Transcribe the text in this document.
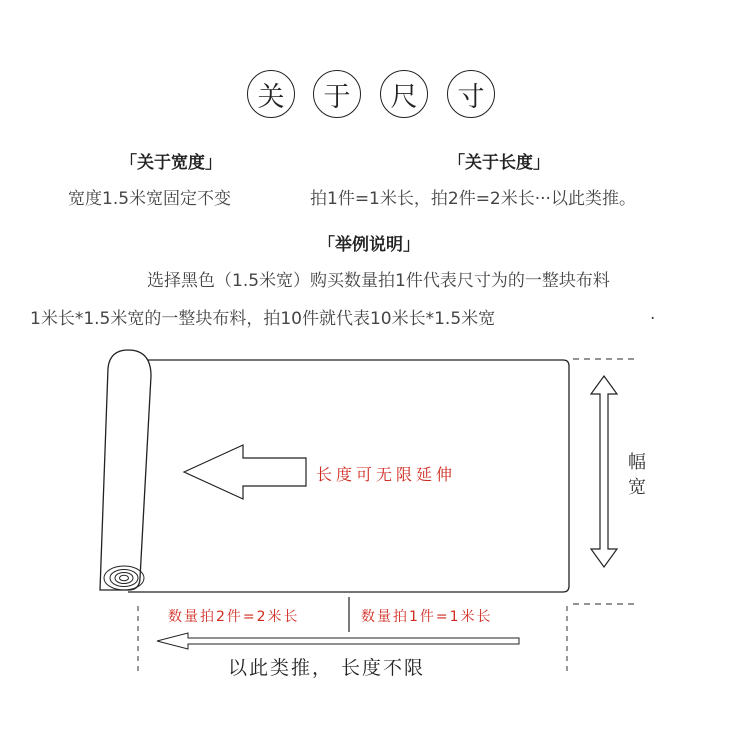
关	于	尺	寸
「关于宽度」
宽度1.5米宽固定不变
「关于长度」
拍1件=1米长，拍2件=2米长···以此类推。
「举例说明」
选择黑色（1.5米宽）购买数量拍1件代表尺寸为的一整块布料
1米长*1.5米宽的一整块布料，拍10件就代表10米长*1.5米宽	.
长度可无限延伸
幅
宽
数量拍2件=2米长	数量拍1件=1米长
以此类推， 长度不限
